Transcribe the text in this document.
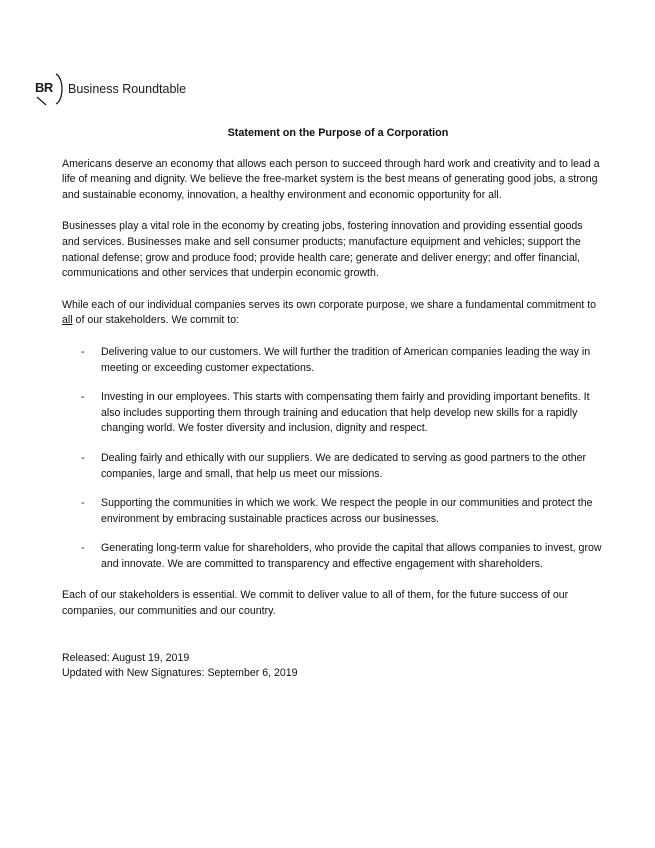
BR Business Roundtable

Statement on the Purpose of a Corporation

Americans deserve an economy that allows each person to succeed through hard work and creativity and to lead a life of meaning and dignity. We believe the free-market system is the best means of generating good jobs, a strong and sustainable economy, innovation, a healthy environment and economic opportunity for all.

Businesses play a vital role in the economy by creating jobs, fostering innovation and providing essential goods and services. Businesses make and sell consumer products; manufacture equipment and vehicles; support the national defense; grow and produce food; provide health care; generate and deliver energy; and offer financial, communications and other services that underpin economic growth.

While each of our individual companies serves its own corporate purpose, we share a fundamental commitment to all of our stakeholders. We commit to:

- Delivering value to our customers. We will further the tradition of American companies leading the way in meeting or exceeding customer expectations.
- Investing in our employees. This starts with compensating them fairly and providing important benefits. It also includes supporting them through training and education that help develop new skills for a rapidly changing world. We foster diversity and inclusion, dignity and respect.
- Dealing fairly and ethically with our suppliers. We are dedicated to serving as good partners to the other companies, large and small, that help us meet our missions.
- Supporting the communities in which we work. We respect the people in our communities and protect the environment by embracing sustainable practices across our businesses.
- Generating long-term value for shareholders, who provide the capital that allows companies to invest, grow and innovate. We are committed to transparency and effective engagement with shareholders.

Each of our stakeholders is essential. We commit to deliver value to all of them, for the future success of our companies, our communities and our country.

Released: August 19, 2019
Updated with New Signatures: September 6, 2019
